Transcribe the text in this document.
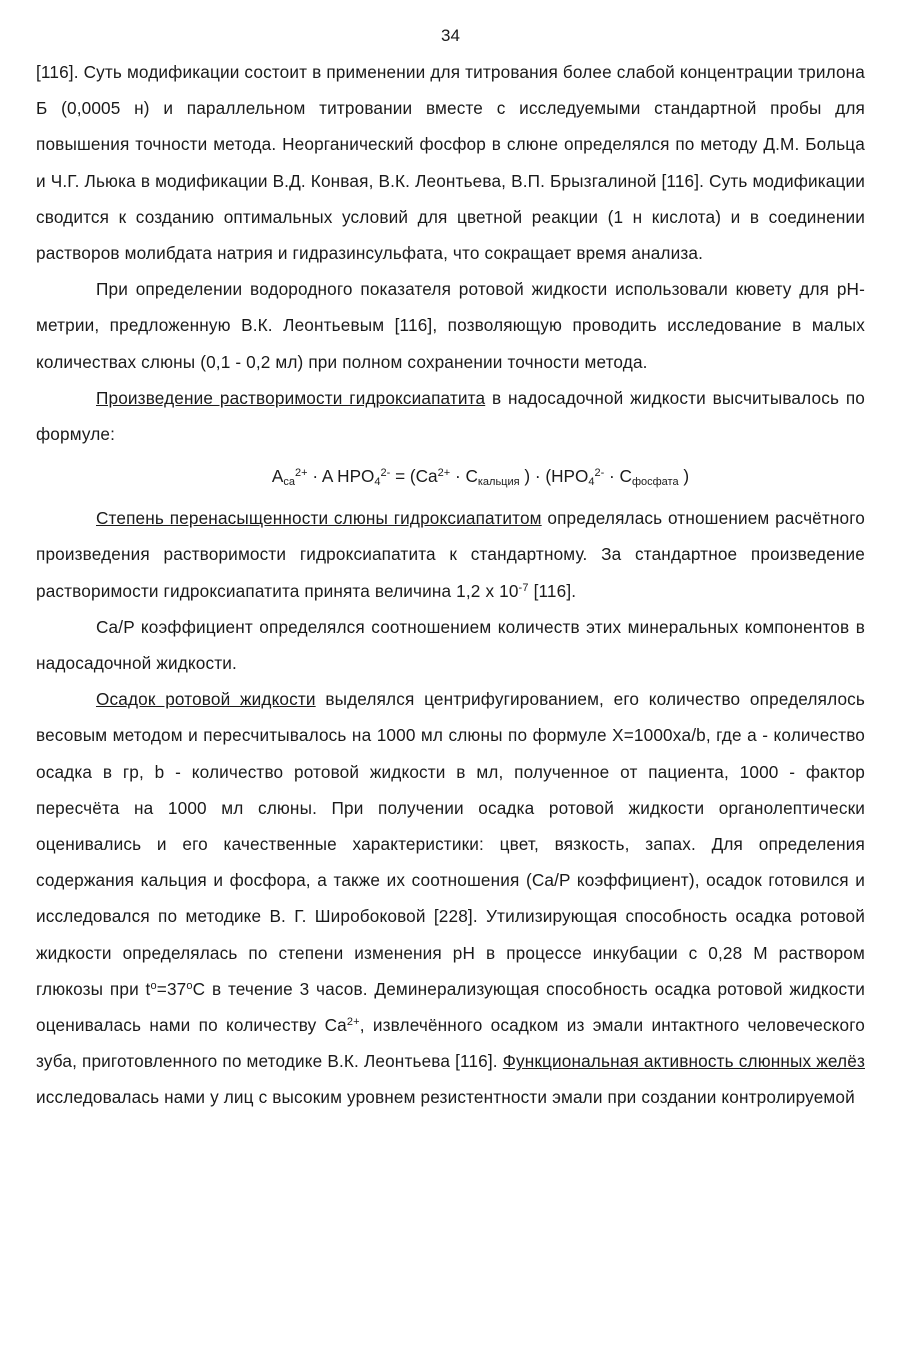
34

[116]. Суть модификации состоит в применении для титрования более слабой концентрации трилона Б (0,0005 н) и параллельном титровании вместе с исследуемыми стандартной пробы для повышения точности метода. Неорганический фосфор в слюне определялся по методу Д.М. Больца и Ч.Г. Льюка в модификации В.Д. Конвая, В.К. Леонтьева, В.П. Брызгалиной [116]. Суть модификации сводится к созданию оптимальных условий для цветной реакции (1 н кислота) и в соединении растворов молибдата натрия и гидразинсульфата, что сокращает время анализа.

При определении водородного показателя ротовой жидкости использовали кювету для pH-метрии, предложенную В.К. Леонтьевым [116], позволяющую проводить исследование в малых количествах слюны (0,1 - 0,2 мл) при полном сохранении точности метода.

Произведение растворимости гидроксиапатита в надосадочной жидкости высчитывалось по формуле:

$A_{ca}^{2+} \cdot A$ $HPO_4^{2-} = (Ca^{2+} \cdot C_{кальция}$ ) · ($HPO_4^{2-} \cdot C_{фосфата}$ )

Степень перенасыщенности слюны гидроксиапатитом определялась отношением расчётного произведения растворимости гидроксиапатита к стандартному. За стандартное произведение растворимости гидроксиапатита принята величина 1,2 x $10^{-7}$ [116].

Ca/P коэффициент определялся соотношением количеств этих минеральных компонентов в надосадочной жидкости.

Осадок ротовой жидкости выделялся центрифугированием, его количество определялось весовым методом и пересчитывалось на 1000 мл слюны по формуле X=1000xa/b, где a - количество осадка в гр, b - количество ротовой жидкости в мл, полученное от пациента, 1000 - фактор пересчёта на 1000 мл слюны. При получении осадка ротовой жидкости органолептически оценивались и его качественные характеристики: цвет, вязкость, запах. Для определения содержания кальция и фосфора, а также их соотношения (Ca/P коэффициент), осадок готовился и исследовался по методике В. Г. Широбоковой [228]. Утилизирующая способность осадка ротовой жидкости определялась по степени изменения pH в процессе инкубации с 0,28 М раствором глюкозы при $t^o=37^oC$ в течение 3 часов. Деминерализующая способность осадка ротовой жидкости оценивалась нами по количеству $Ca^{2+}$, извлечённого осадком из эмали интактного человеческого зуба, приготовленного по методике В.К. Леонтьева [116]. Функциональная активность слюнных желёз исследовалась нами у лиц с высоким уровнем резистентности эмали при создании контролируемой
